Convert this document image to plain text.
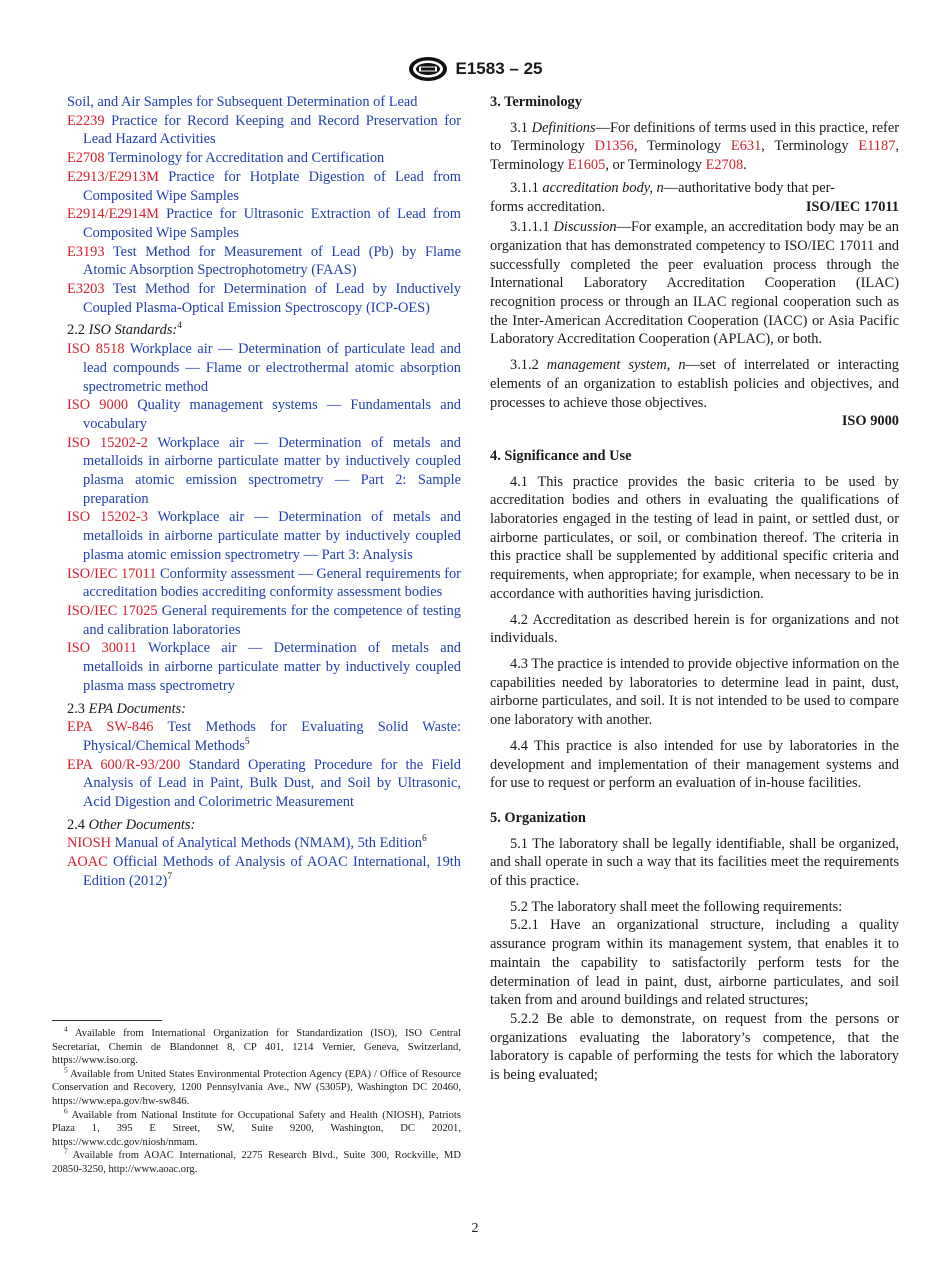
E1583 – 25
Soil, and Air Samples for Subsequent Determination of Lead
E2239 Practice for Record Keeping and Record Preservation for Lead Hazard Activities
E2708 Terminology for Accreditation and Certification
E2913/E2913M Practice for Hotplate Digestion of Lead from Composited Wipe Samples
E2914/E2914M Practice for Ultrasonic Extraction of Lead from Composited Wipe Samples
E3193 Test Method for Measurement of Lead (Pb) by Flame Atomic Absorption Spectrophotometry (FAAS)
E3203 Test Method for Determination of Lead by Inductively Coupled Plasma-Optical Emission Spectroscopy (ICP-OES)
2.2 ISO Standards:$^4$
ISO 8518 Workplace air — Determination of particulate lead and lead compounds — Flame or electrothermal atomic absorption spectrometric method
ISO 9000 Quality management systems — Fundamentals and vocabulary
ISO 15202-2 Workplace air — Determination of metals and metalloids in airborne particulate matter by inductively coupled plasma atomic emission spectrometry — Part 2: Sample preparation
ISO 15202-3 Workplace air — Determination of metals and metalloids in airborne particulate matter by inductively coupled plasma atomic emission spectrometry — Part 3: Analysis
ISO/IEC 17011 Conformity assessment — General requirements for accreditation bodies accrediting conformity assessment bodies
ISO/IEC 17025 General requirements for the competence of testing and calibration laboratories
ISO 30011 Workplace air — Determination of metals and metalloids in airborne particulate matter by inductively coupled plasma mass spectrometry
2.3 EPA Documents:
EPA SW-846 Test Methods for Evaluating Solid Waste: Physical/Chemical Methods$^5$
EPA 600/R-93/200 Standard Operating Procedure for the Field Analysis of Lead in Paint, Bulk Dust, and Soil by Ultrasonic, Acid Digestion and Colorimetric Measurement
2.4 Other Documents:
NIOSH Manual of Analytical Methods (NMAM), 5th Edition$^6$
AOAC Official Methods of Analysis of AOAC International, 19th Edition $(2012)^7$

$^4$ Available from International Organization for Standardization (ISO), ISO Central Secretariat, Chemin de Blandonnet 8, CP 401, 1214 Vernier, Geneva, Switzerland, https://www.iso.org.

$^5$ Available from United States Environmental Protection Agency (EPA) / Office of Resource Conservation and Recovery, 1200 Pennsylvania Ave., NW (5305P), Washington DC 20460, https://www.epa.gov/hw-sw846.

$^6$ Available from National Institute for Occupational Safety and Health (NIOSH), Patriots Plaza 1, 395 E Street, SW, Suite 9200, Washington, DC 20201, https://www.cdc.gov/niosh/nmam.

$^7$ Available from AOAC International, 2275 Research Blvd., Suite 300, Rockville, MD 20850-3250, http://www.aoac.org.

3. Terminology

3.1 Definitions—For definitions of terms used in this practice, refer to Terminology D1356, Terminology E631, Terminology E1187, Terminology E1605, or Terminology E2708.

3.1.1 accreditation body, n—authoritative body that per-

forms accreditation.	ISO/IEC 17011

3.1.1.1 Discussion—For example, an accreditation body may be an organization that has demonstrated competency to ISO/IEC 17011 and successfully completed the peer evaluation process through the International Laboratory Accreditation Cooperation (ILAC) recognition process or through an ILAC regional cooperation such as the Inter-American Accreditation Cooperation (IACC) or Asia Pacific Laboratory Accreditation Cooperation (APLAC), or both.

3.1.2 management system, n—set of interrelated or interacting elements of an organization to establish policies and objectives, and processes to achieve those objectives.

ISO 9000

4. Significance and Use

4.1 This practice provides the basic criteria to be used by accreditation bodies and others in evaluating the qualifications of laboratories engaged in the testing of lead in paint, or settled dust, or airborne particulates, or soil, or combination thereof. The criteria in this practice shall be supplemented by additional specific criteria and requirements, when appropriate; for example, when necessary to be in accordance with authorities having jurisdiction.

4.2 Accreditation as described herein is for organizations and not individuals.

4.3 The practice is intended to provide objective information on the capabilities needed by laboratories to determine lead in paint, dust, airborne particulates, and soil. It is not intended to be used to compare one laboratory with another.

4.4 This practice is also intended for use by laboratories in the development and implementation of their management systems and for use to request or perform an evaluation of in-house facilities.

5. Organization

5.1 The laboratory shall be legally identifiable, shall be organized, and shall operate in such a way that its facilities meet the requirements of this practice.

5.2 The laboratory shall meet the following requirements:

5.2.1 Have an organizational structure, including a quality assurance program within its management system, that enables it to maintain the capability to satisfactorily perform tests for the determination of lead in paint, dust, airborne particulates, and soil taken from and around buildings and related structures;

5.2.2 Be able to demonstrate, on request from the persons or organizations evaluating the laboratory’s competence, that the laboratory is capable of performing the tests for which the laboratory is being evaluated;

2
